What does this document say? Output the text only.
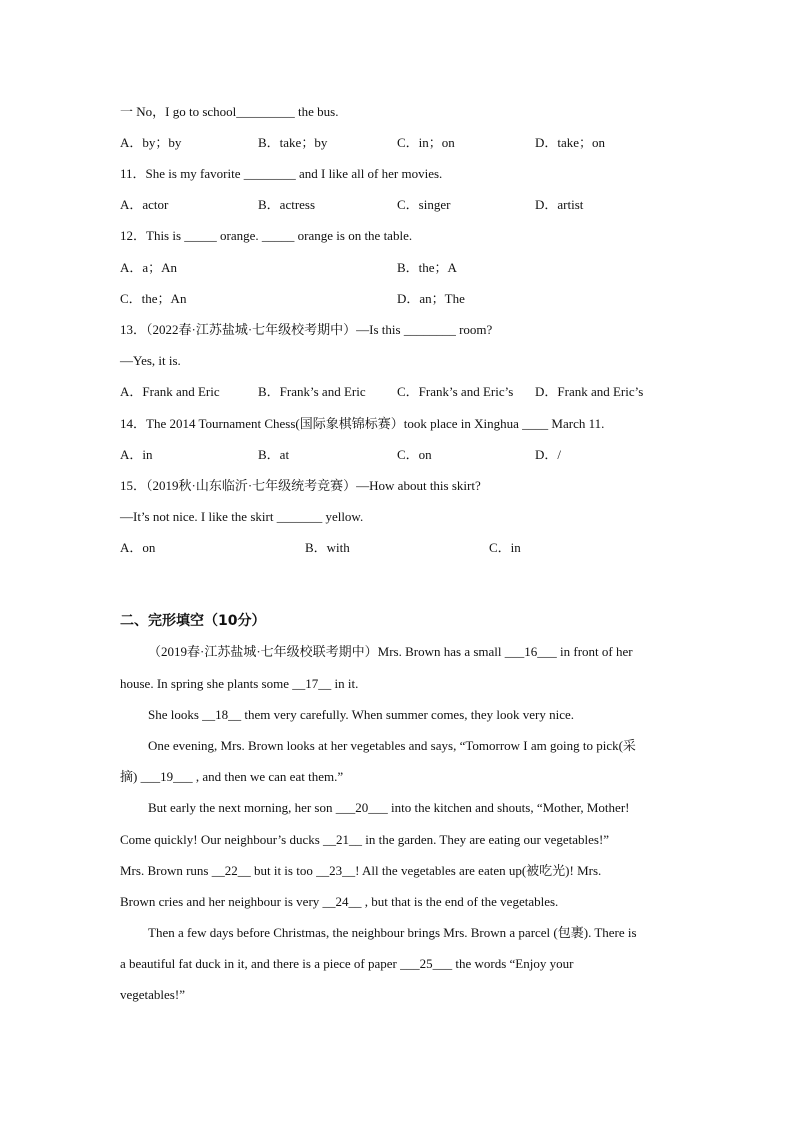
一 No，I go to school_________ the bus.
A．by；by	B．take；by	C．in；on	D．take；on
11．She is my favorite ________ and I like all of her movies.
A．actor	B．actress	C．singer	D．artist
12．This is _____ orange. _____ orange is on the table.
A．a；An	B．the；A
C．the；An	D．an；The
13．（2022春·江苏盐城·七年级校考期中）—Is this ________ room?
—Yes, it is.
A．Frank and Eric	B．Frank’s and Eric C．Frank’s and Eric’s D．Frank and Eric’s
14．The 2014 Tournament Chess(国际象棋锦标赛）took place in Xinghua ____ March 11.
A．in	B．at	C．on	D．/
15．（2019秋·山东临沂·七年级统考竞赛）—How about this skirt?
—It’s not nice. I like the skirt _______ yellow.
A．on	B．with	C．in
二、完形填空（10分）
（2019春·江苏盐城·七年级校联考期中）Mrs. Brown has a small ___16___ in front of her
house. In spring she plants some __17__ in it.
She looks __18__ them very carefully. When summer comes, they look very nice.
One evening, Mrs. Brown looks at her vegetables and says, “Tomorrow I am going to pick(采
摘) ___19___ , and then we can eat them.”
But early the next morning, her son ___20___ into the kitchen and shouts, “Mother, Mother!
Come quickly! Our neighbour’s ducks __21__ in the garden. They are eating our vegetables!”
Mrs. Brown runs __22__ but it is too __23__! All the vegetables are eaten up(被吃光)! Mrs.
Brown cries and her neighbour is very __24__ , but that is the end of the vegetables.
Then a few days before Christmas, the neighbour brings Mrs. Brown a parcel (包裹). There is
a beautiful fat duck in it, and there is a piece of paper ___25___ the words “Enjoy your
vegetables!”
